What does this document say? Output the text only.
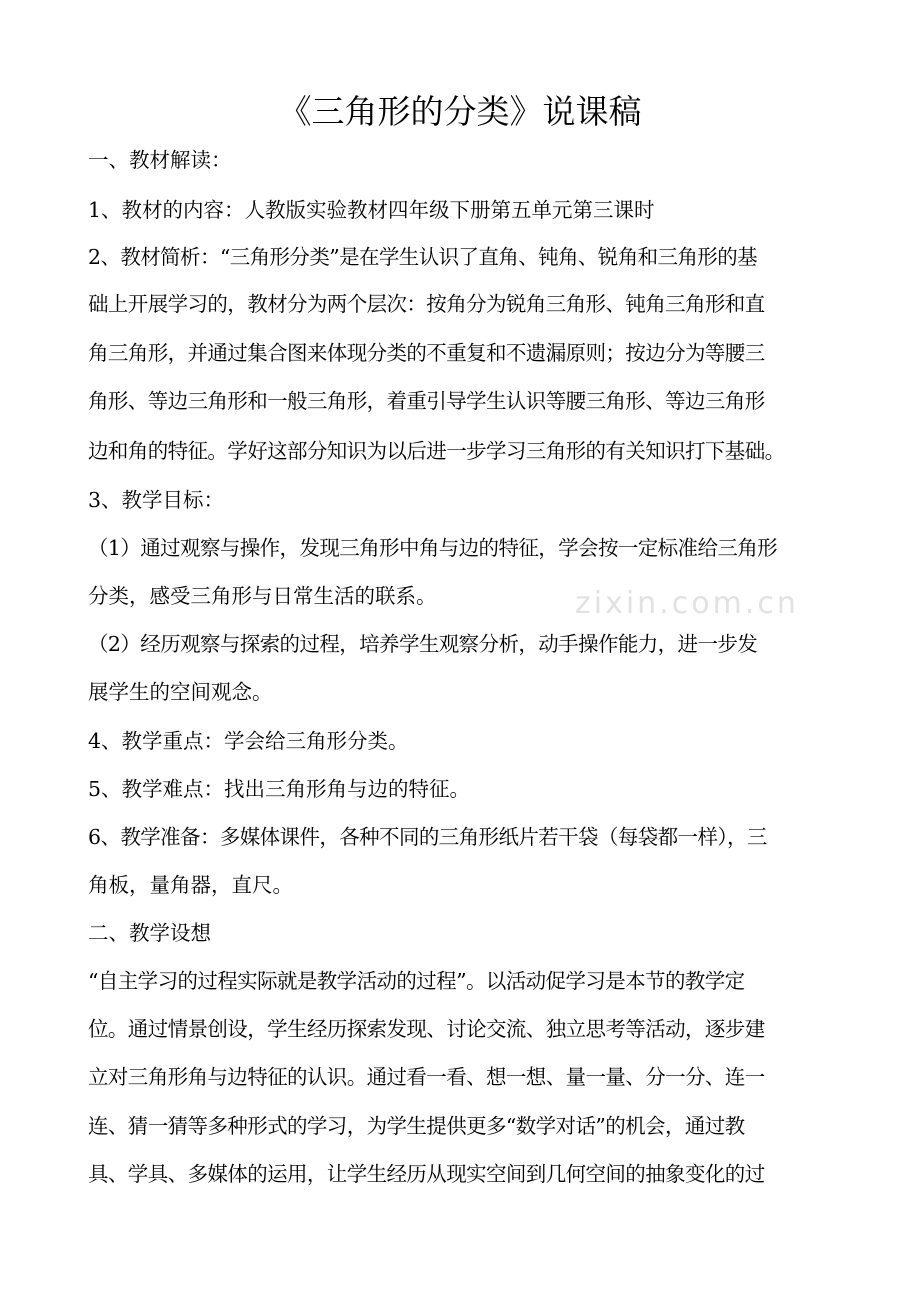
《三角形的分类》说课稿
一、教材解读：
1、教材的内容：人教版实验教材四年级下册第五单元第三课时
2、教材简析：“三角形分类”是在学生认识了直角、钝角、锐角和三角形的基
础上开展学习的，教材分为两个层次：按角分为锐角三角形、钝角三角形和直
角三角形，并通过集合图来体现分类的不重复和不遗漏原则；按边分为等腰三
角形、等边三角形和一般三角形，着重引导学生认识等腰三角形、等边三角形
边和角的特征。学好这部分知识为以后进一步学习三角形的有关知识打下基础。
3、教学目标：
（1）通过观察与操作，发现三角形中角与边的特征，学会按一定标准给三角形
分类，感受三角形与日常生活的联系。
（2）经历观察与探索的过程，培养学生观察分析，动手操作能力，进一步发
展学生的空间观念。
4、教学重点：学会给三角形分类。
5、教学难点：找出三角形角与边的特征。
6、教学准备：多媒体课件，各种不同的三角形纸片若干袋（每袋都一样），三
角板，量角器，直尺。
二、教学设想
“自主学习的过程实际就是教学活动的过程”。以活动促学习是本节的教学定
位。通过情景创设，学生经历探索发现、讨论交流、独立思考等活动，逐步建
立对三角形角与边特征的认识。通过看一看、想一想、量一量、分一分、连一
连、猜一猜等多种形式的学习，为学生提供更多“数学对话”的机会，通过教
具、学具、多媒体的运用，让学生经历从现实空间到几何空间的抽象变化的过
zixin.com.cn
